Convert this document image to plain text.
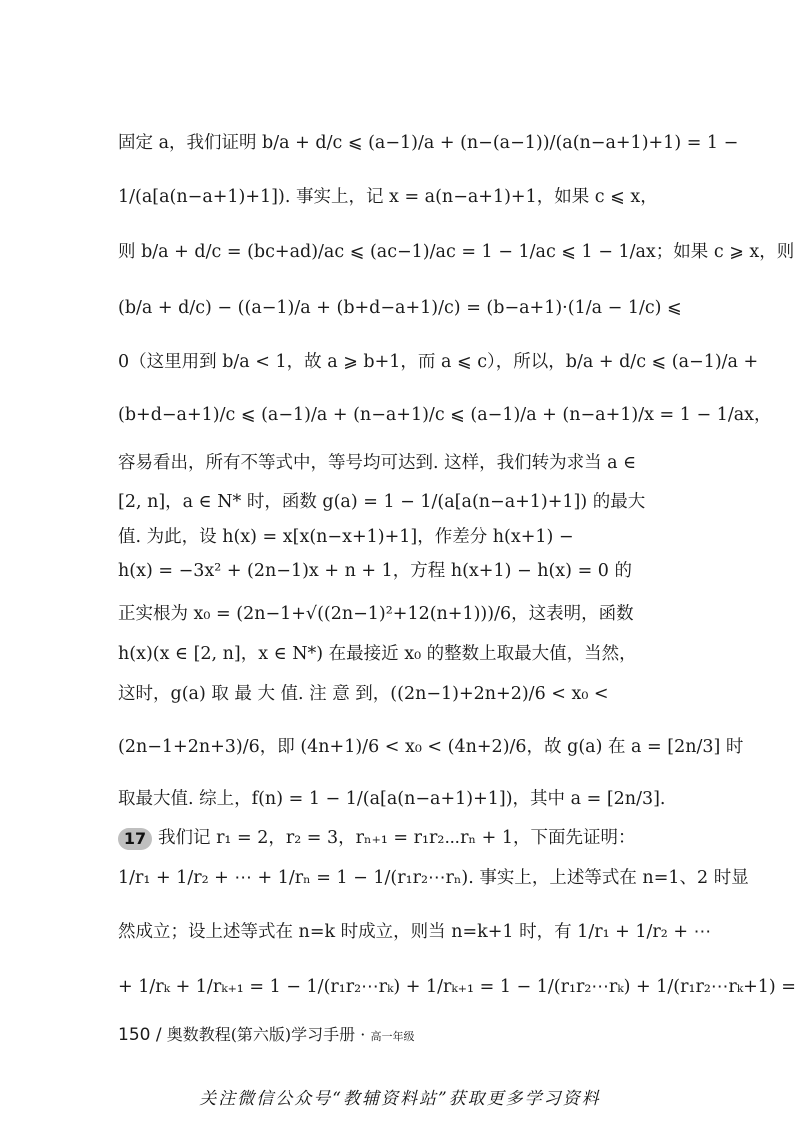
固定 a，我们证明 b/a + d/c ⩽ (a−1)/a + (n−(a−1))/(a(n−a+1)+1) = 1 −
1/(a[a(n−a+1)+1]). 事实上，记 x = a(n−a+1)+1，如果 c ⩽ x，
则 b/a + d/c = (bc+ad)/ac ⩽ (ac−1)/ac = 1 − 1/ac ⩽ 1 − 1/ax；如果 c ⩾ x，则
(b/a + d/c) − ((a−1)/a + (b+d−a+1)/c) = (b−a+1)·(1/a − 1/c) ⩽
0（这里用到 b/a < 1，故 a ⩾ b+1，而 a ⩽ c），所以，b/a + d/c ⩽ (a−1)/a +
(b+d−a+1)/c ⩽ (a−1)/a + (n−a+1)/c ⩽ (a−1)/a + (n−a+1)/x = 1 − 1/ax，
容易看出，所有不等式中，等号均可达到. 这样，我们转为求当 a ∈
[2, n]，a ∈ N* 时，函数 g(a) = 1 − 1/(a[a(n−a+1)+1]) 的最大
值. 为此，设 h(x) = x[x(n−x+1)+1]，作差分 h(x+1) −
h(x) = −3x² + (2n−1)x + n + 1，方程 h(x+1) − h(x) = 0 的
正实根为 x₀ = (2n−1+√((2n−1)²+12(n+1)))/6，这表明，函数
h(x)(x ∈ [2, n]，x ∈ N*) 在最接近 x₀ 的整数上取最大值，当然，
这时，g(a) 取 最 大 值. 注 意 到，((2n−1)+2n+2)/6 < x₀ <
(2n−1+2n+3)/6，即 (4n+1)/6 < x₀ < (4n+2)/6，故 g(a) 在 a = [2n/3] 时
取最大值. 综上，f(n) = 1 − 1/(a[a(n−a+1)+1])，其中 a = [2n/3].
17 我们记 r₁ = 2，r₂ = 3，rₙ₊₁ = r₁r₂⋯rₙ + 1，下面先证明：
1/r₁ + 1/r₂ + ⋯ + 1/rₙ = 1 − 1/(r₁r₂⋯rₙ). 事实上，上述等式在 n=1、2 时显
然成立；设上述等式在 n=k 时成立，则当 n=k+1 时，有 1/r₁ + 1/r₂ + ⋯
+ 1/rₖ + 1/rₖ₊₁ = 1 − 1/(r₁r₂⋯rₖ) + 1/rₖ₊₁ = 1 − 1/(r₁r₂⋯rₖ) + 1/(r₁r₂⋯rₖ+1) =
150 / 奥数教程(第六版)学习手册 · 高一年级
关注微信公众号“教辅资料站”获取更多学习资料
